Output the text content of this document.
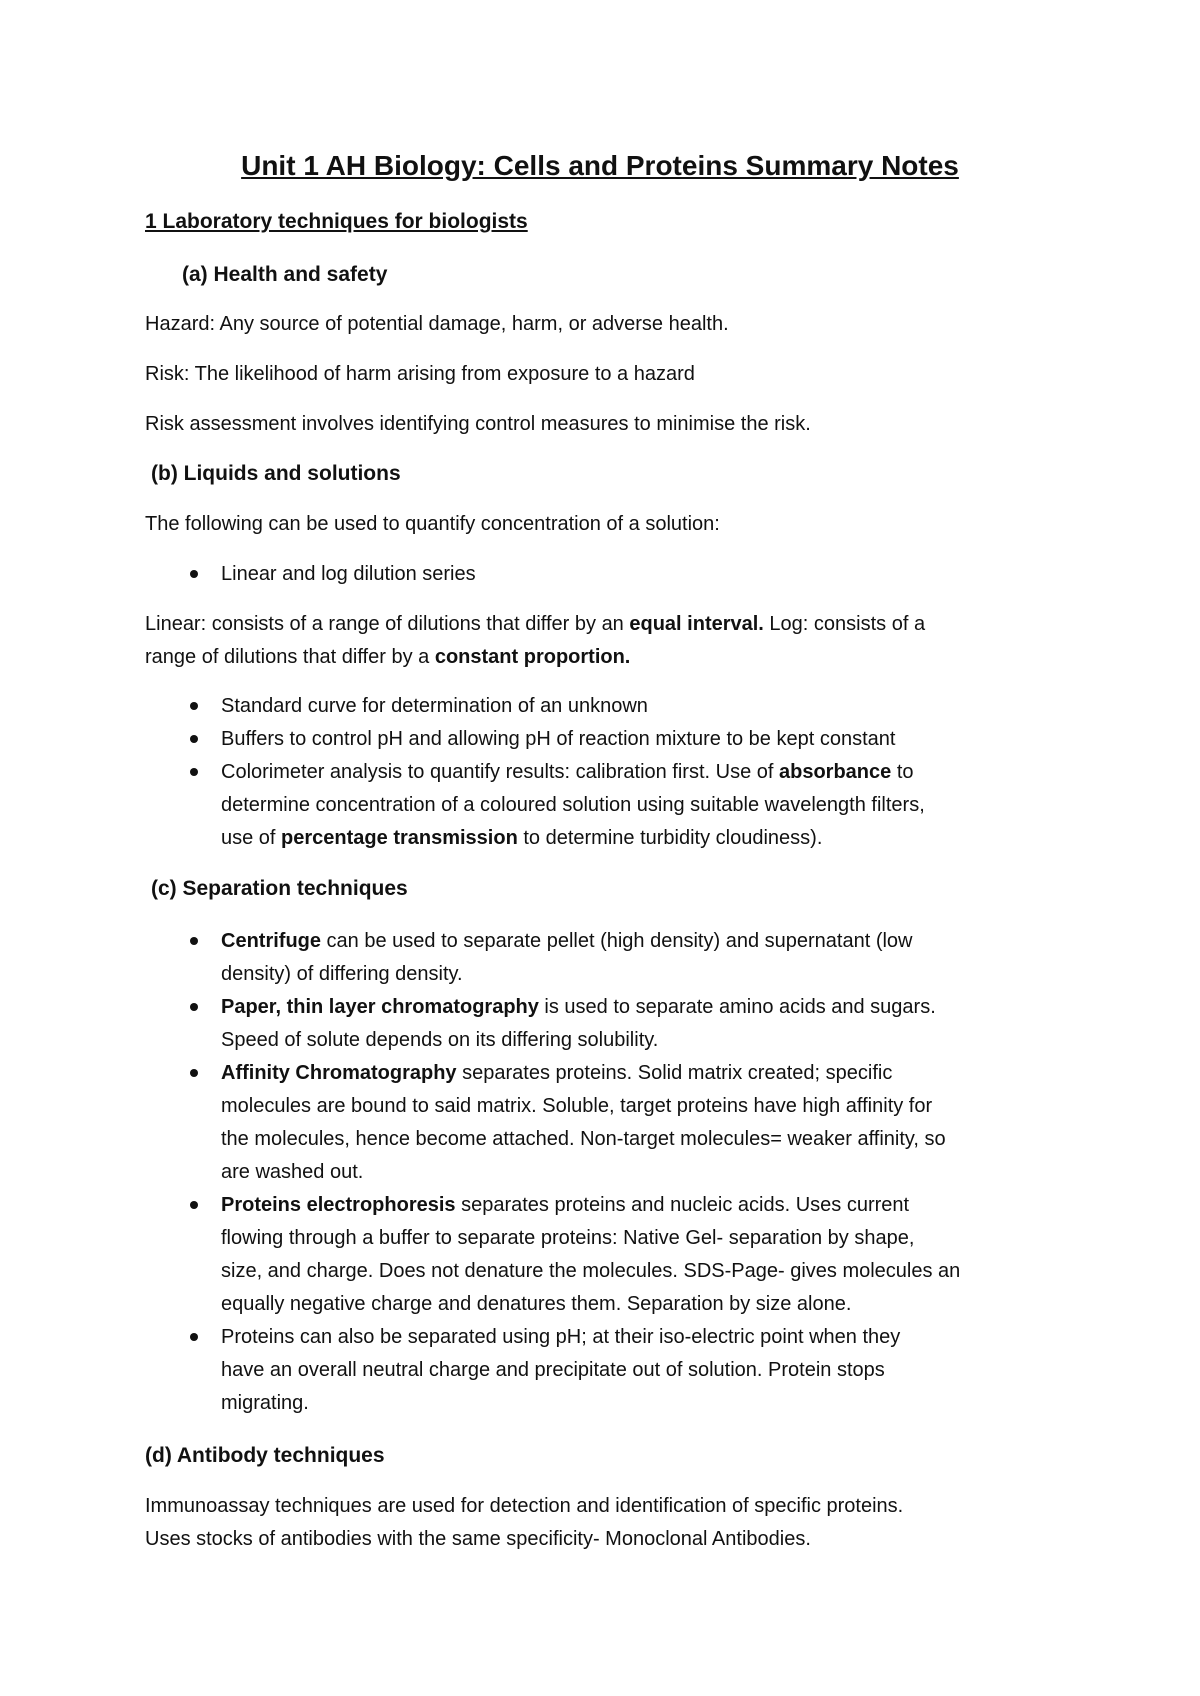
Unit 1 AH Biology: Cells and Proteins Summary Notes

1 Laboratory techniques for biologists

(a) Health and safety

Hazard: Any source of potential damage, harm, or adverse health.

Risk: The likelihood of harm arising from exposure to a hazard

Risk assessment involves identifying control measures to minimise the risk.

(b) Liquids and solutions

The following can be used to quantify concentration of a solution:

Linear and log dilution series

Linear: consists of a range of dilutions that differ by an equal interval. Log: consists of a

range of dilutions that differ by a constant proportion.

Standard curve for determination of an unknown

Buffers to control pH and allowing pH of reaction mixture to be kept constant

Colorimeter analysis to quantify results: calibration first. Use of absorbance to

determine concentration of a coloured solution using suitable wavelength filters,

use of percentage transmission to determine turbidity cloudiness).

(c) Separation techniques

Centrifuge can be used to separate pellet (high density) and supernatant (low

density) of differing density.

Paper, thin layer chromatography is used to separate amino acids and sugars.

Speed of solute depends on its differing solubility.

Affinity Chromatography separates proteins. Solid matrix created; specific

molecules are bound to said matrix. Soluble, target proteins have high affinity for

the molecules, hence become attached. Non-target molecules= weaker affinity, so

are washed out.

Proteins electrophoresis separates proteins and nucleic acids. Uses current

flowing through a buffer to separate proteins: Native Gel- separation by shape,

size, and charge. Does not denature the molecules. SDS-Page- gives molecules an

equally negative charge and denatures them. Separation by size alone.

Proteins can also be separated using pH; at their iso-electric point when they

have an overall neutral charge and precipitate out of solution. Protein stops

migrating.

(d) Antibody techniques

Immunoassay techniques are used for detection and identification of specific proteins.

Uses stocks of antibodies with the same specificity- Monoclonal Antibodies.
